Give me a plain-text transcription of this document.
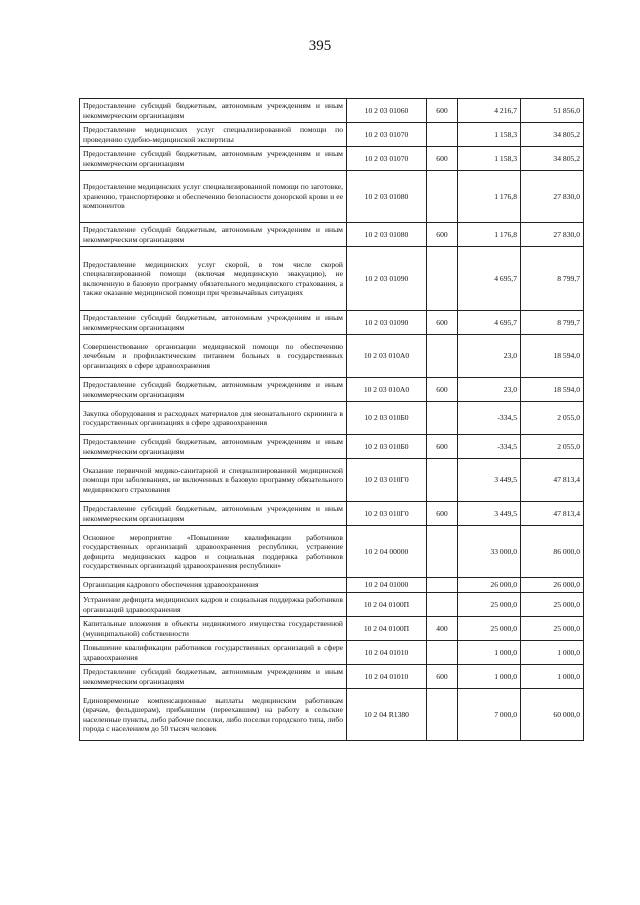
395
Предоставление субсидий бюджетным, автономным учреждениям и иным некоммерческим организациям	10 2 03 01060	600	4 216,7	51 856,0
Предоставление медицинских услуг специализированной помощи по проведению судебно-медицинской экспертизы	10 2 03 01070		1 158,3	34 805,2
Предоставление субсидий бюджетным, автономным учреждениям и иным некоммерческим организациям	10 2 03 01070	600	1 158,3	34 805,2
Предоставление медицинских услуг специализированной помощи по заготовке, хранению, транспортировке и обеспечению безопасности донорской крови и ее компонентов	10 2 03 01080		1 176,8	27 830,0
Предоставление субсидий бюджетным, автономным учреждениям и иным некоммерческим организациям	10 2 03 01080	600	1 176,8	27 830,0
Предоставление медицинских услуг скорой, в том числе скорой специализированной помощи (включая медицинскую эвакуацию), не включенную в базовую программу обязательного медицинского страхования, а также оказание медицинской помощи при чрезвычайных ситуациях	10 2 03 01090		4 695,7	8 799,7
Предоставление субсидий бюджетным, автономным учреждениям и иным некоммерческим организациям	10 2 03 01090	600	4 695,7	8 799,7
Совершенствование организации медицинской помощи по обеспечению лечебным и профилактическим питанием больных в государственных организациях в сфере здравоохранения	10 2 03 010А0		23,0	18 594,0
Предоставление субсидий бюджетным, автономным учреждениям и иным некоммерческим организациям	10 2 03 010А0	600	23,0	18 594,0
Закупка оборудования и расходных материалов для неонатального скрининга в государственных организациях в сфере здравоохранения	10 2 03 010Б0		-334,5	2 055,0
Предоставление субсидий бюджетным, автономным учреждениям и иным некоммерческим организациям	10 2 03 010Б0	600	-334,5	2 055,0
Оказание первичной медико-санитарной и специализированной медицинской помощи при заболеваниях, не включенных в базовую программу обязательного медицинского страхования	10 2 03 010Г0		3 449,5	47 813,4
Предоставление субсидий бюджетным, автономным учреждениям и иным некоммерческим организациям	10 2 03 010Г0	600	3 449,5	47 813,4
Основное мероприятие «Повышение квалификации работников государственных организаций здравоохранения республики, устранение дефицита медицинских кадров и социальная поддержка работников государственных организаций здравоохранения республики»	10 2 04 00000		33 000,0	86 000,0
Организация кадрового обеспечения здравоохранения	10 2 04 01000		26 000,0	26 000,0
Устранение дефицита медицинских кадров и социальная поддержка работников организаций здравоохранения	10 2 04 0100П		25 000,0	25 000,0
Капитальные вложения в объекты недвижимого имущества государственной (муниципальной) собственности	10 2 04 0100П	400	25 000,0	25 000,0
Повышение квалификации работников государственных организаций в сфере здравоохранения	10 2 04 01010		1 000,0	1 000,0
Предоставление субсидий бюджетным, автономным учреждениям и иным некоммерческим организациям	10 2 04 01010	600	1 000,0	1 000,0
Единовременные компенсационные выплаты медицинским работникам (врачам, фельдшерам), прибывшим (переехавшим) на работу в сельские населенные пункты, либо рабочие поселки, либо поселки городского типа, либо города с населением до 50 тысяч человек	10 2 04 R1380		7 000,0	60 000,0
